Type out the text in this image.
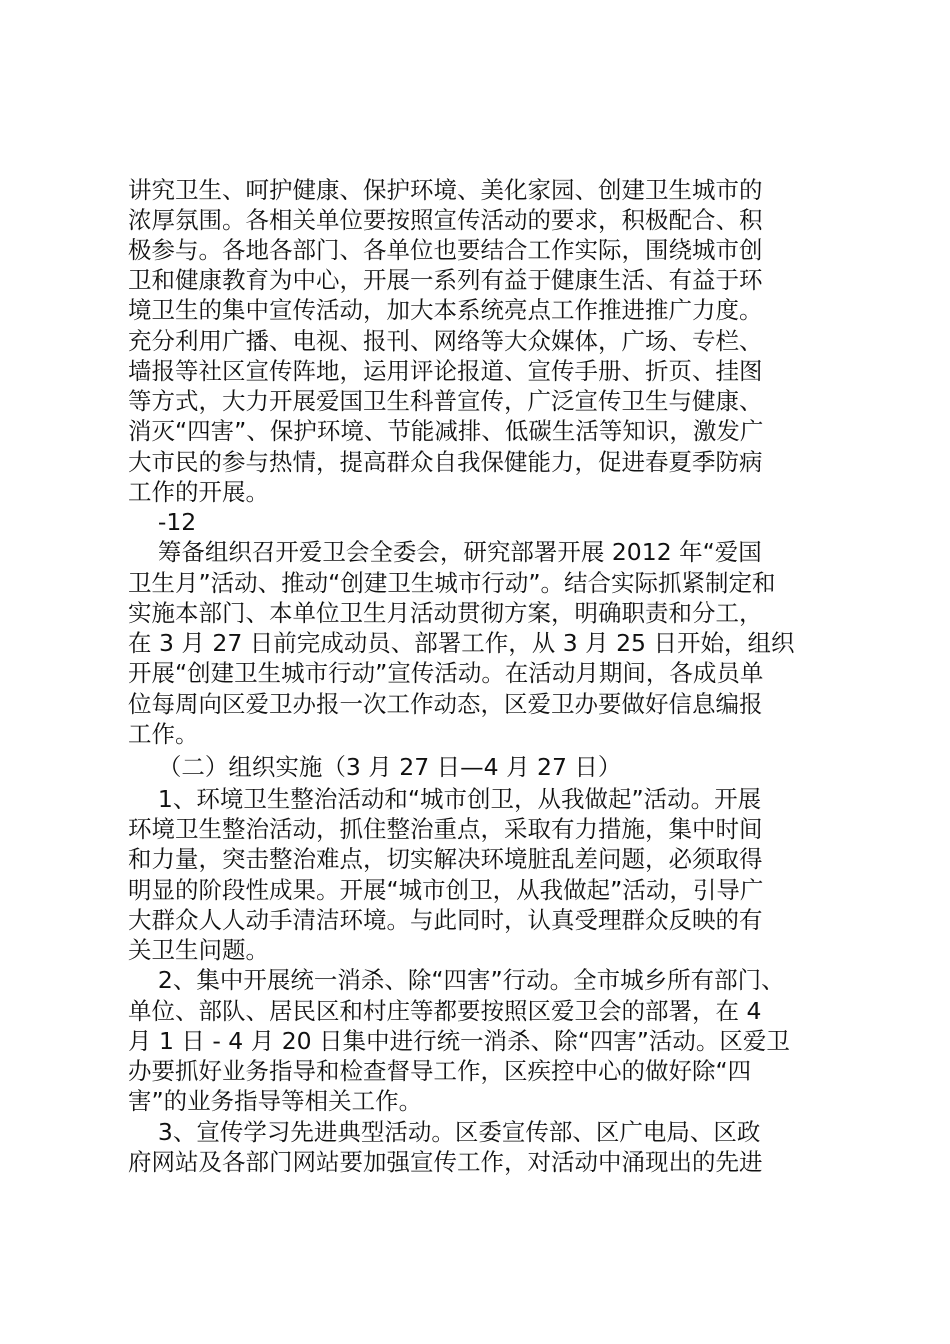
讲究卫生、呵护健康、保护环境、美化家园、创建卫生城市的

浓厚氛围。各相关单位要按照宣传活动的要求，积极配合、积

极参与。各地各部门、各单位也要结合工作实际，围绕城市创

卫和健康教育为中心，开展一系列有益于健康生活、有益于环

境卫生的集中宣传活动，加大本系统亮点工作推进推广力度。

充分利用广播、电视、报刊、网络等大众媒体，广场、专栏、

墙报等社区宣传阵地，运用评论报道、宣传手册、折页、挂图

等方式，大力开展爱国卫生科普宣传，广泛宣传卫生与健康、

消灭“四害”、保护环境、节能减排、低碳生活等知识，激发广

大市民的参与热情，提高群众自我保健能力，促进春夏季防病

工作的开展。

-12

筹备组织召开爱卫会全委会，研究部署开展 2012 年“爱国

卫生月”活动、推动“创建卫生城市行动”。结合实际抓紧制定和

实施本部门、本单位卫生月活动贯彻方案，明确职责和分工，

在 3 月 27 日前完成动员、部署工作，从 3 月 25 日开始，组织

开展“创建卫生城市行动”宣传活动。在活动月期间，各成员单

位每周向区爱卫办报一次工作动态，区爱卫办要做好信息编报

工作。

（二）组织实施（3 月 27 日—4 月 27 日）

1、环境卫生整治活动和“城市创卫，从我做起”活动。开展

环境卫生整治活动，抓住整治重点，采取有力措施，集中时间

和力量，突击整治难点，切实解决环境脏乱差问题，必须取得

明显的阶段性成果。开展“城市创卫，从我做起”活动，引导广

大群众人人动手清洁环境。与此同时，认真受理群众反映的有

关卫生问题。

2、集中开展统一消杀、除“四害”行动。全市城乡所有部门、

单位、部队、居民区和村庄等都要按照区爱卫会的部署，在 4

月 1 日 - 4 月 20 日集中进行统一消杀、除“四害”活动。区爱卫

办要抓好业务指导和检查督导工作，区疾控中心的做好除“四

害”的业务指导等相关工作。

3、宣传学习先进典型活动。区委宣传部、区广电局、区政

府网站及各部门网站要加强宣传工作，对活动中涌现出的先进
